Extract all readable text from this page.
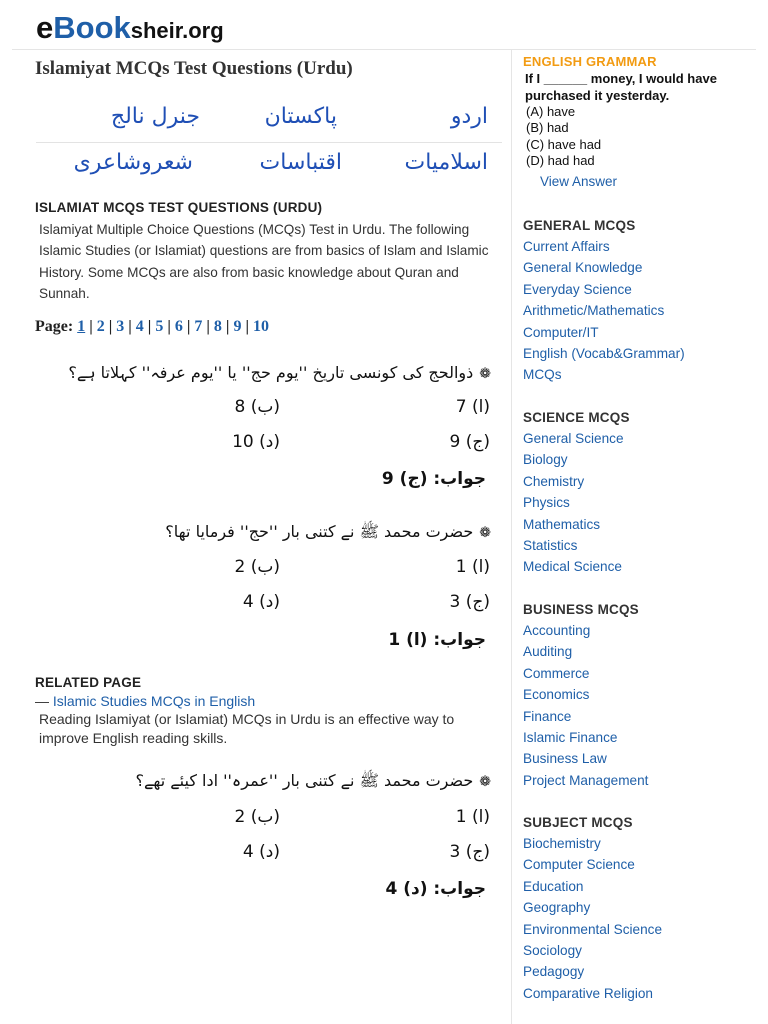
eBooksheir.org
Islamiyat MCQs Test Questions (Urdu)
اردو
پاکستان
جنرل نالج
اسلامیات
اقتباسات
شعروشاعری
ISLAMIAT MCQS TEST QUESTIONS (URDU)
Islamiyat Multiple Choice Questions (MCQs) Test in Urdu. The following Islamic Studies (or Islamiat) questions are from basics of Islam and Islamic History. Some MCQs are also from basic knowledge about Quran and Sunnah.
Page: 1 | 2 | 3 | 4 | 5 | 6 | 7 | 8 | 9 | 10
❁ذوالحج کی کونسی تاریخ ''یوم حج'' یا ''یوم عرفہ'' کہلاتا ہے؟
(ا) 7
(ب) 8
(ج) 9
(د) 10
جواب: (ج) 9
❁حضرت محمد ﷺ نے کتنی بار ''حج'' فرمایا تھا؟
(ا) 1
(ب) 2
(ج) 3
(د) 4
جواب: (ا) 1
RELATED PAGE
— Islamic Studies MCQs in English
Reading Islamiyat (or Islamiat) MCQs in Urdu is an effective way to improve English reading skills.
❁حضرت محمد ﷺ نے کتنی بار ''عمرہ'' ادا کیئے تھے؟
(ا) 1
(ب) 2
(ج) 3
(د) 4
جواب: (د) 4
ENGLISH GRAMMAR
If I ______ money, I would have purchased it yesterday.
(A) have
(B) had
(C) have had
(D) had had
View Answer
GENERAL MCQS
Current Affairs
General Knowledge
Everyday Science
Arithmetic/Mathematics
Computer/IT
English (Vocab&Grammar)
MCQs
SCIENCE MCQS
General Science
Biology
Chemistry
Physics
Mathematics
Statistics
Medical Science
BUSINESS MCQS
Accounting
Auditing
Commerce
Economics
Finance
Islamic Finance
Business Law
Project Management
SUBJECT MCQS
Biochemistry
Computer Science
Education
Geography
Environmental Science
Sociology
Pedagogy
Comparative Religion
